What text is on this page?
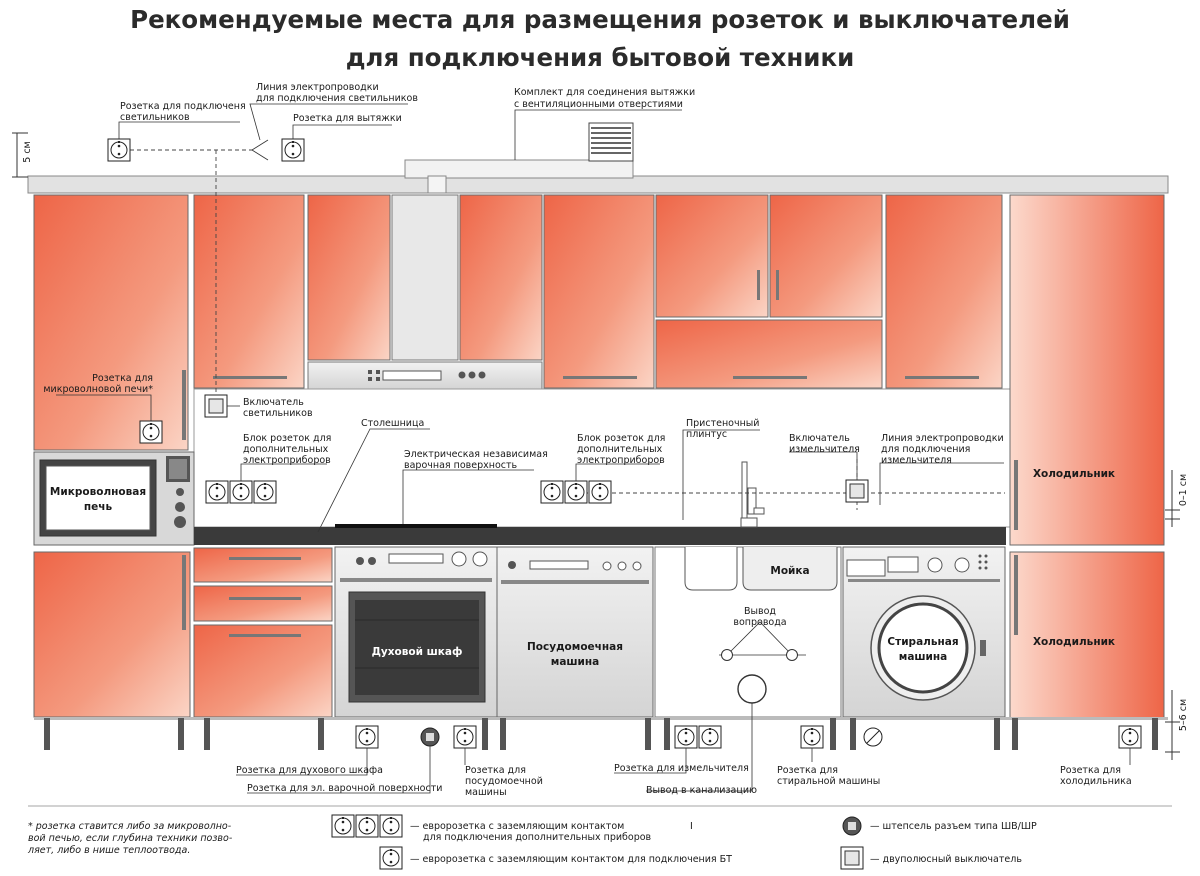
Рекомендуемые места для размещения розеток и выключателей
для подключения бытовой техники
Холодильник
Холодильник
Микроволновая
печь
Духовой шкаф	Посудомоечная
машина
Мойка
Вывод
вопровода
Стиральная
машина
5 см
0–1 см
5–6 см
Розетка для подключеня
светильников
Линия электропроводки
для подключения светильников
Розетка для вытяжки
Комплект для соединения вытяжки
с вентиляционными отверстиями
Розетка для
микроволновой печи*
Включатель
светильников
Столешница
Блок розеток для
дополнительных
электроприборов
Электрическая независимая
варочная поверхность
Блок розеток для
дополнительных
электроприборов
Пристеночный
плинтус	Включатель
измельчителя
Линия электропроводки
для подключения
измельчителя
Розетка для духового шкафа
Розетка для эл. варочной поверхности
Розетка для
посудомоечной
машины
Розетка для измельчителя
Вывод в канализацию
Розетка для
стиральной машины
Розетка для
холодильника
* розетка ставится либо за микроволно-
вой печью, если глубина техники позво-
ляет, либо в нише теплоотвода.
— евророзетка с заземляющим контактом
для подключения дополнительных приборов
I
— евророзетка с заземляющим контактом для подключения БТ
— штепсель разъем типа ШВ/ШР
— двуполюсный выключатель
